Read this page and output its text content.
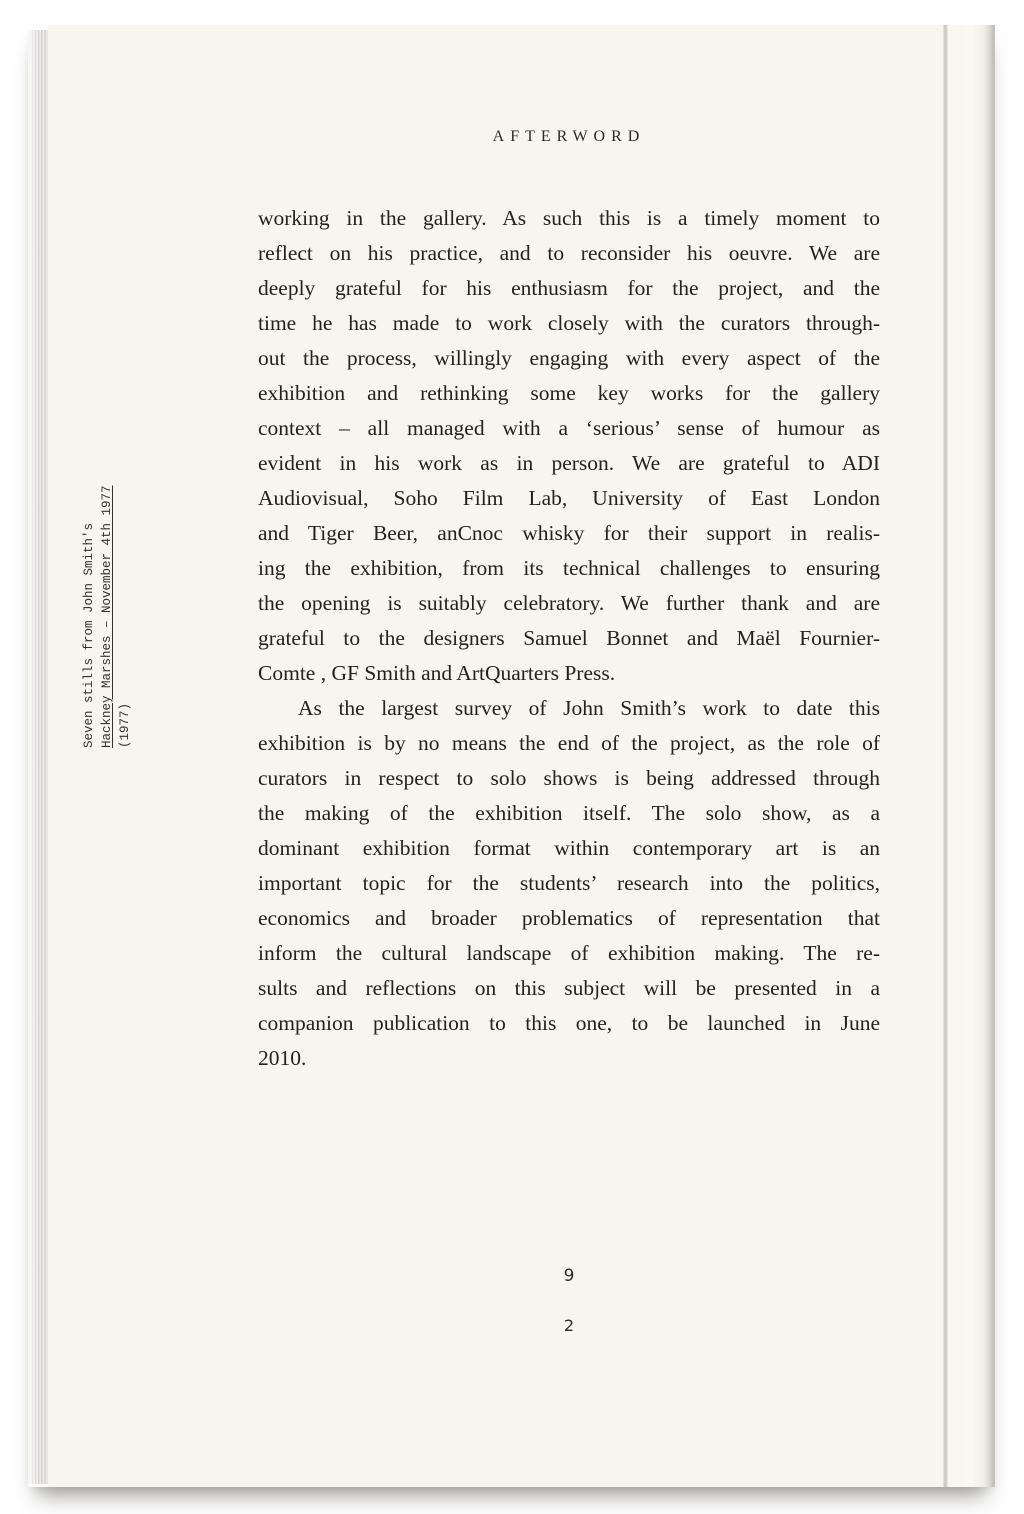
AFTERWORD
working in the gallery. As such this is a timely moment to
reflect on his practice, and to reconsider his oeuvre. We are
deeply grateful for his enthusiasm for the project, and the
time he has made to work closely with the curators through-
out the process, willingly engaging with every aspect of the
exhibition and rethinking some key works for the gallery
context – all managed with a ‘serious’ sense of humour as
evident in his work as in person. We are grateful to ADI
Audiovisual, Soho Film Lab, University of East London
and Tiger Beer, anCnoc whisky for their support in realis-
ing the exhibition, from its technical challenges to ensuring
the opening is suitably celebratory. We further thank and are
grateful to the designers Samuel Bonnet and Maël Fournier-
Comte , GF Smith and ArtQuarters Press.
As the largest survey of John Smith’s work to date this
exhibition is by no means the end of the project, as the role of
curators in respect to solo shows is being addressed through
the making of the exhibition itself. The solo show, as a
dominant exhibition format within contemporary art is an
important topic for the students’ research into the politics,
economics and broader problematics of representation that
inform the cultural landscape of exhibition making. The re-
sults and reflections on this subject will be presented in a
companion publication to this one, to be launched in June
2010.
Seven stills from John Smith's Hackney Marshes – November 4th 1977 (1977)
9
2
